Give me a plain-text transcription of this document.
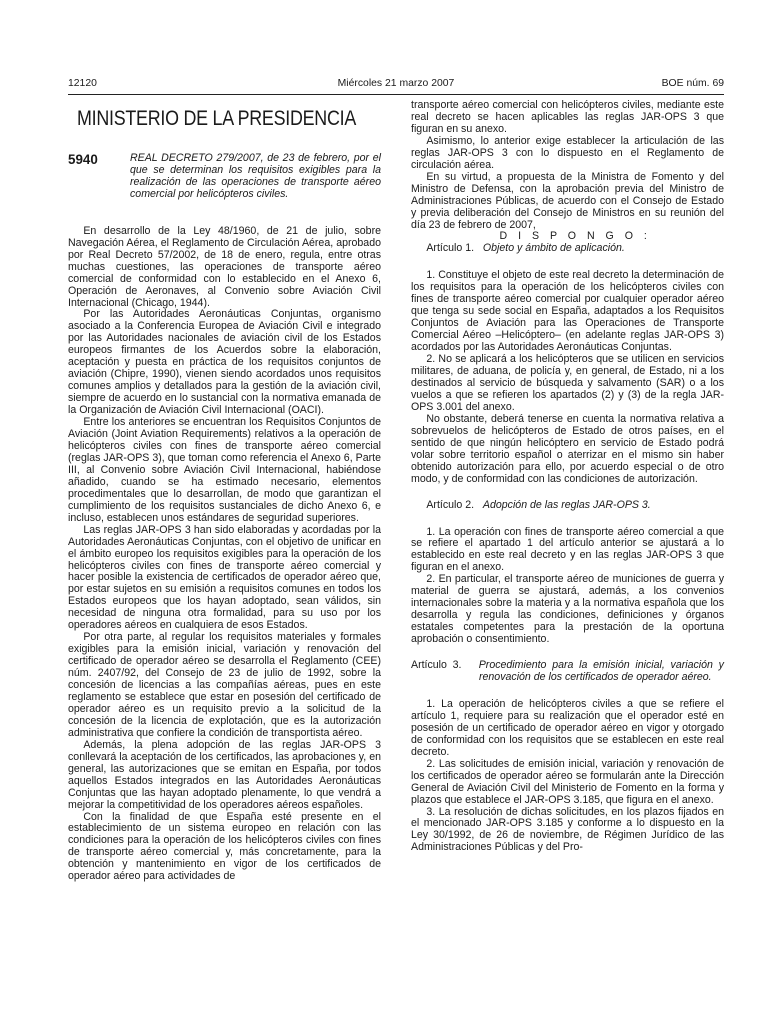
12120	Miércoles 21 marzo 2007	BOE núm. 69
MINISTERIO DE LA PRESIDENCIA
5940	REAL DECRETO 279/2007, de 23 de febrero, por el que se determinan los requisitos exigibles para la realización de las operaciones de transporte aéreo comercial por helicópteros civiles.

En desarrollo de la Ley 48/1960, de 21 de julio, sobre Navegación Aérea, el Reglamento de Circulación Aérea, aprobado por Real Decreto 57/2002, de 18 de enero, regula, entre otras muchas cuestiones, las operaciones de transporte aéreo comercial de conformidad con lo establecido en el Anexo 6, Operación de Aeronaves, al Convenio sobre Aviación Civil Internacional (Chicago, 1944).

Por las Autoridades Aeronáuticas Conjuntas, organismo asociado a la Conferencia Europea de Aviación Civil e integrado por las Autoridades nacionales de aviación civil de los Estados europeos firmantes de los Acuerdos sobre la elaboración, aceptación y puesta en práctica de los requisitos conjuntos de aviación (Chipre, 1990), vienen siendo acordados unos requisitos comunes amplios y detallados para la gestión de la aviación civil, siempre de acuerdo en lo sustancial con la normativa emanada de la Organización de Aviación Civil Internacional (OACI).

Entre los anteriores se encuentran los Requisitos Conjuntos de Aviación (Joint Aviation Requirements) relativos a la operación de helicópteros civiles con fines de transporte aéreo comercial (reglas JAR-OPS 3), que toman como referencia el Anexo 6, Parte III, al Convenio sobre Aviación Civil Internacional, habiéndose añadido, cuando se ha estimado necesario, elementos procedimentales que lo desarrollan, de modo que garantizan el cumplimiento de los requisitos sustanciales de dicho Anexo 6, e incluso, establecen unos estándares de seguridad superiores.

Las reglas JAR-OPS 3 han sido elaboradas y acordadas por la Autoridades Aeronáuticas Conjuntas, con el objetivo de unificar en el ámbito europeo los requisitos exigibles para la operación de los helicópteros civiles con fines de transporte aéreo comercial y hacer posible la existencia de certificados de operador aéreo que, por estar sujetos en su emisión a requisitos comunes en todos los Estados europeos que los hayan adoptado, sean válidos, sin necesidad de ninguna otra formalidad, para su uso por los operadores aéreos en cualquiera de esos Estados.

Por otra parte, al regular los requisitos materiales y formales exigibles para la emisión inicial, variación y renovación del certificado de operador aéreo se desarrolla el Reglamento (CEE) núm. 2407/92, del Consejo de 23 de julio de 1992, sobre la concesión de licencias a las compañías aéreas, pues en este reglamento se establece que estar en posesión del certificado de operador aéreo es un requisito previo a la solicitud de la concesión de la licencia de explotación, que es la autorización administrativa que confiere la condición de transportista aéreo.

Además, la plena adopción de las reglas JAR-OPS 3 conllevará la aceptación de los certificados, las aprobaciones y, en general, las autorizaciones que se emitan en España, por todos aquellos Estados integrados en las Autoridades Aeronáuticas Conjuntas que las hayan adoptado plenamente, lo que vendrá a mejorar la competitividad de los operadores aéreos españoles.

Con la finalidad de que España esté presente en el establecimiento de un sistema europeo en relación con las condiciones para la operación de los helicópteros civiles con fines de transporte aéreo comercial y, más concretamente, para la obtención y mantenimiento en vigor de los certificados de operador aéreo para actividades de

transporte aéreo comercial con helicópteros civiles, mediante este real decreto se hacen aplicables las reglas JAR-OPS 3 que figuran en su anexo.

Asimismo, lo anterior exige establecer la articulación de las reglas JAR-OPS 3 con lo dispuesto en el Reglamento de circulación aérea.

En su virtud, a propuesta de la Ministra de Fomento y del Ministro de Defensa, con la aprobación previa del Ministro de Administraciones Públicas, de acuerdo con el Consejo de Estado y previa deliberación del Consejo de Ministros en su reunión del día 23 de febrero de 2007,

D I S P O N G O :

Artículo 1. Objeto y ámbito de aplicación.

1. Constituye el objeto de este real decreto la determinación de los requisitos para la operación de los helicópteros civiles con fines de transporte aéreo comercial por cualquier operador aéreo que tenga su sede social en España, adaptados a los Requisitos Conjuntos de Aviación para las Operaciones de Transporte Comercial Aéreo –Helicóptero– (en adelante reglas JAR-OPS 3) acordados por las Autoridades Aeronáuticas Conjuntas.

2. No se aplicará a los helicópteros que se utilicen en servicios militares, de aduana, de policía y, en general, de Estado, ni a los destinados al servicio de búsqueda y salvamento (SAR) o a los vuelos a que se refieren los apartados (2) y (3) de la regla JAR-OPS 3.001 del anexo.

No obstante, deberá tenerse en cuenta la normativa relativa a sobrevuelos de helicópteros de Estado de otros países, en el sentido de que ningún helicóptero en servicio de Estado podrá volar sobre territorio español o aterrizar en el mismo sin haber obtenido autorización para ello, por acuerdo especial o de otro modo, y de conformidad con las condiciones de autorización.

Artículo 2. Adopción de las reglas JAR-OPS 3.

1. La operación con fines de transporte aéreo comercial a que se refiere el apartado 1 del artículo anterior se ajustará a lo establecido en este real decreto y en las reglas JAR-OPS 3 que figuran en el anexo.

2. En particular, el transporte aéreo de municiones de guerra y material de guerra se ajustará, además, a los convenios internacionales sobre la materia y a la normativa española que los desarrolla y regula las condiciones, definiciones y órganos estatales competentes para la prestación de la oportuna aprobación o consentimiento.

Artículo 3. Procedimiento para la emisión inicial, variación y renovación de los certificados de operador aéreo.

1. La operación de helicópteros civiles a que se refiere el artículo 1, requiere para su realización que el operador esté en posesión de un certificado de operador aéreo en vigor y otorgado de conformidad con los requisitos que se establecen en este real decreto.

2. Las solicitudes de emisión inicial, variación y renovación de los certificados de operador aéreo se formularán ante la Dirección General de Aviación Civil del Ministerio de Fomento en la forma y plazos que establece el JAR-OPS 3.185, que figura en el anexo.

3. La resolución de dichas solicitudes, en los plazos fijados en el mencionado JAR-OPS 3.185 y conforme a lo dispuesto en la Ley 30/1992, de 26 de noviembre, de Régimen Jurídico de las Administraciones Públicas y del Pro-
